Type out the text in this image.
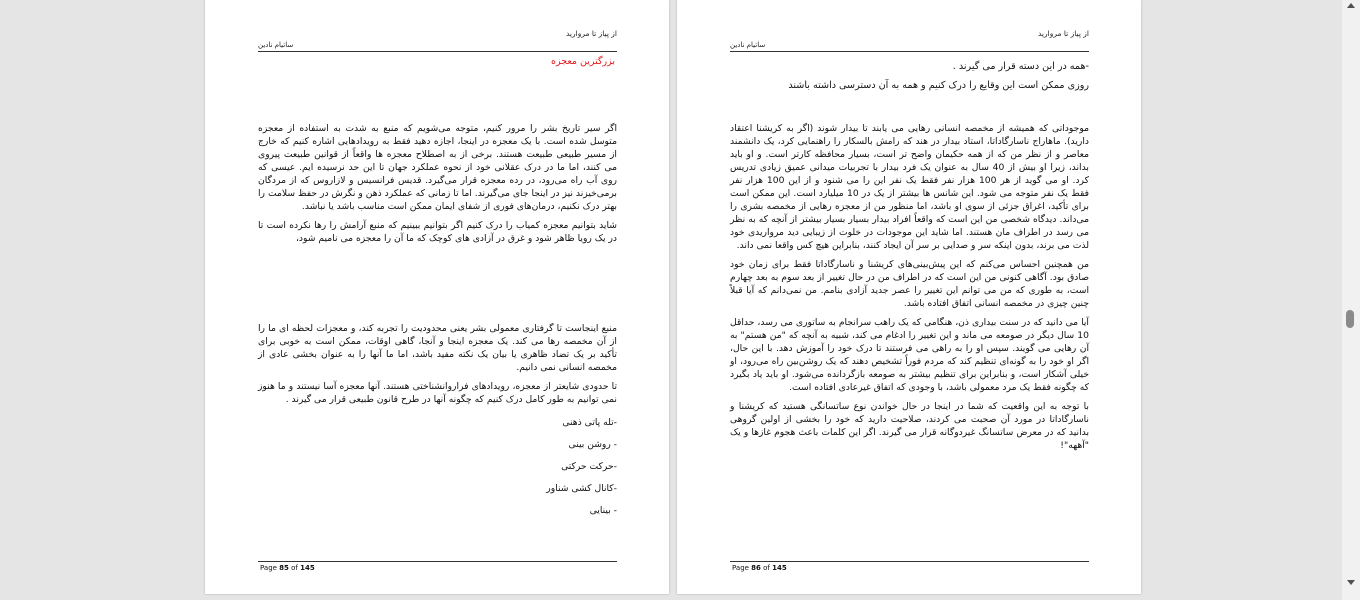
از پیاز تا مروارید
ساتیام نادین
بزرگترین معجزه

اگر سیر تاریخ بشر را مرور کنیم، متوجه می‌شویم که منبع به شدت به استفاده از معجزه متوسل شده است. با یک معجزه در اینجا، اجازه دهید فقط به رویدادهایی اشاره کنیم که خارج از مسیر طبیعی طبیعت هستند. برخی از به اصطلاح معجزه ها واقعاً از قوانین طبیعت پیروی می کنند، اما ما در درک عقلانی خود از نحوه عملکرد جهان تا این حد نرسیده ایم. عیسی که روی آب راه می‌رود، در رده معجزه قرار می‌گیرد. قدیس فرانسیس و لازاروس که از مردگان برمی‌خیزند نیز در اینجا جای می‌گیرند. اما تا زمانی که عملکرد ذهن و نگرش در حفظ سلامت را بهتر درک نکنیم، درمان‌های فوری از شفای ایمان ممکن است مناسب باشد یا نباشد.

شاید بتوانیم معجزه کمیاب را درک کنیم اگر بتوانیم ببینیم که منبع آرامش را رها نکرده است تا در یک رویا ظاهر شود و غرق در آزادی های کوچک که ما آن را معجزه می نامیم شود،

منبع اینجاست تا گرفتاری معمولی بشر یعنی محدودیت را تجربه کند، و معجزات لحظه ای ما را از آن مخمصه رها می کند. یک معجزه اینجا و آنجا، گاهی اوقات، ممکن است به خوبی برای تأکید بر یک تضاد ظاهری یا بیان یک نکته مفید باشد، اما ما آنها را به عنوان بخشی عادی از مخمصه انسانی نمی دانیم.

تا حدودی شایعتر از معجزه، رویدادهای فراروانشناختی هستند. آنها معجزه آسا نیستند و ما هنوز نمی توانیم به طور کامل درک کنیم که چگونه آنها در طرح قانون طبیعی قرار می گیرند .

-تله پاتی ذهنی
- روشن بینی
-حرکت حرکتی
-کانال کشی شناور
- بینایی
Page 85 of 145
از پیاز تا مروارید
ساتیام نادین
-همه در این دسته قرار می گیرند .
روزی ممکن است این وقایع را درک کنیم و همه به آن دسترسی داشته باشند

موجوداتی که همیشه از مخمصه انسانی رهایی می یابند تا بیدار شوند (اگر به کریشنا اعتقاد دارید). ماهاراج ناسارگاداتا، استاد بیدار در هند که رامش بالسکار را راهنمایی کرد، یک دانشمند معاصر و از نظر من که از همه حکیمان واضح تر است، بسیار محافظه کارتر است. و او باید بداند، زیرا او بیش از 40 سال به عنوان یک فرد بیدار با تجربیات میدانی عمیق زیادی تدریس کرد. او می گوید از هر 100 هزار نفر فقط یک نفر این را می شنود و از این 100 هزار نفر فقط یک نفر متوجه می شود. این شانس ها بیشتر از یک در 10 میلیارد است. این ممکن است برای تأکید، اغراق جزئی از سوی او باشد، اما منظور من از معجزه رهایی از مخمصه بشری را می‌داند. دیدگاه شخصی من این است که واقعاً افراد بیدار بسیار بسیار بیشتر از آنچه که به نظر می رسد در اطراف مان هستند. اما شاید این موجودات در خلوت از زیبایی دید مرواریدی خود لذت می برند، بدون اینکه سر و صدایی بر سر آن ایجاد کنند، بنابراین هیچ کس واقعا نمی داند.

من همچنین احساس می‌کنم که این پیش‌بینی‌های کریشنا و ناسارگاداتا فقط برای زمان خود صادق بود. آگاهی کنونی من این است که در اطراف من در حال تغییر از بعد سوم به بعد چهارم است، به طوری که من می توانم این تغییر را عصر جدید آزادی بنامم. من نمی‌دانم که آیا قبلاً چنین چیزی در مخمصه انسانی اتفاق افتاده باشد.

آیا می دانید که در سنت بیداری ذن، هنگامی که یک راهب سرانجام به ساتوری می رسد، حداقل 10 سال دیگر در صومعه می ماند و این تغییر را ادغام می کند، شبیه به آنچه که "من هستم" به آن رهایی می گویند. سپس او را به راهی می فرستند تا درک خود را آموزش دهد. با این حال، اگر او خود را به گونه‌ای تنظیم کند که مردم فوراً تشخیص دهند که یک روشن‌بین راه می‌رود، او خیلی آشکار است، و بنابراین برای تنظیم بیشتر به صومعه بازگردانده می‌شود. او باید یاد بگیرد که چگونه فقط یک مرد معمولی باشد، با وجودی که اتفاق غیرعادی افتاده است.

با توجه به این واقعیت که شما در اینجا در حال خواندن نوع ساتسانگی هستید که کریشنا و ناسارگاداتا در مورد آن صحبت می کردند، صلاحیت دارید که خود را بخشی از اولین گروهی بدانید که در معرض ساتسانگ غیردوگانه قرار می گیرند. اگر این کلمات باعث هجوم غازها و یک "آههه"!

Page 86 of 145
